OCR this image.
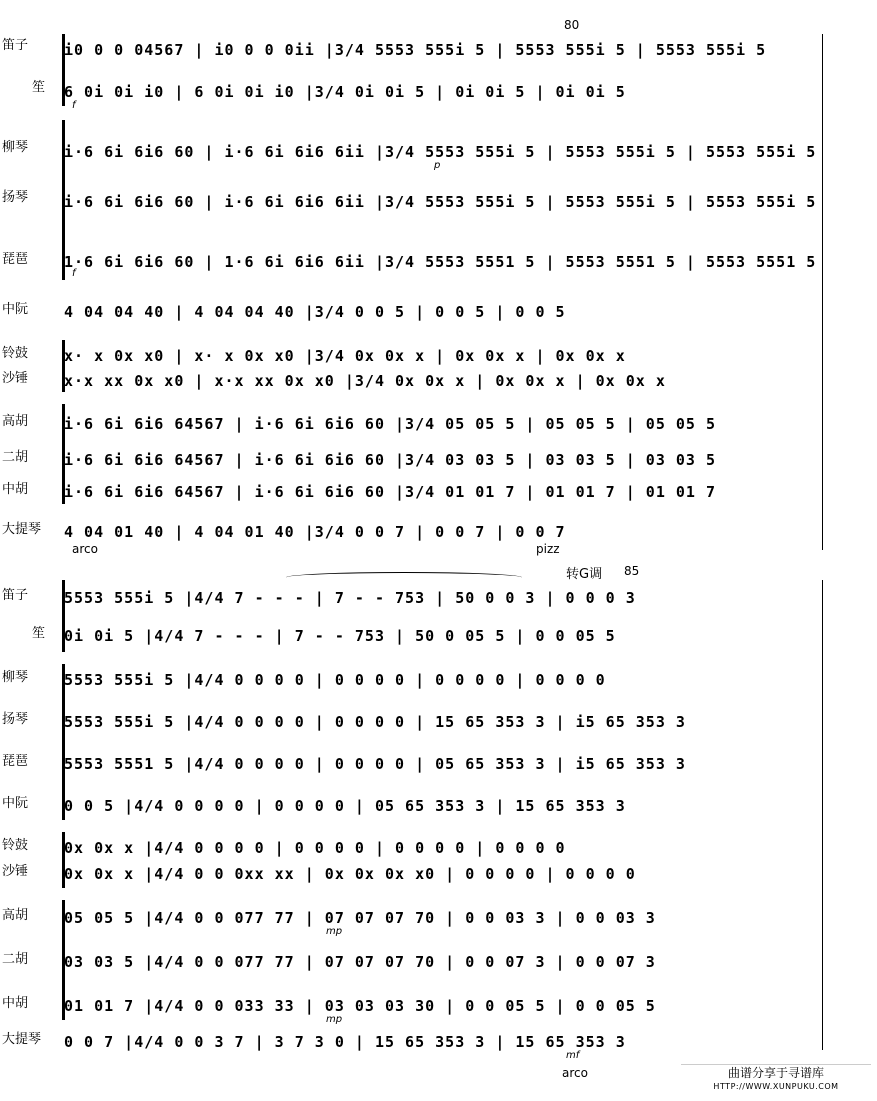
笛子
笙
柳琴
扬琴
琵琶
中阮
铃鼓
沙锤
高胡
二胡
中胡
大提琴
80
i0 0 0 04567 | i0 0 0 0ii |3/4 5553 555i 5 | 5553 555i 5 | 5553 555i 5
6 0i 0i i0 | 6 0i 0i i0 |3/4 0i 0i 5 | 0i 0i 5 | 0i 0i 5
i·6 6i 6i6 60 | i·6 6i 6i6 6ii |3/4 5553 555i 5 | 5553 555i 5 | 5553 555i 5
i·6 6i 6i6 60 | i·6 6i 6i6 6ii |3/4 5553 555i 5 | 5553 555i 5 | 5553 555i 5
1·6 6i 6i6 60 | 1·6 6i 6i6 6ii |3/4 5553 5551 5 | 5553 5551 5 | 5553 5551 5
4 04 04 40 | 4 04 04 40 |3/4 0 0 5 | 0 0 5 | 0 0 5
x· x 0x x0 | x· x 0x x0 |3/4 0x 0x x | 0x 0x x | 0x 0x x
x·x xx 0x x0 | x·x xx 0x x0 |3/4 0x 0x x | 0x 0x x | 0x 0x x
i·6 6i 6i6 64567 | i·6 6i 6i6 60 |3/4 05 05 5 | 05 05 5 | 05 05 5
i·6 6i 6i6 64567 | i·6 6i 6i6 60 |3/4 03 03 5 | 03 03 5 | 03 03 5
i·6 6i 6i6 64567 | i·6 6i 6i6 60 |3/4 01 01 7 | 01 01 7 | 01 01 7
4 04 01 40 | 4 04 01 40 |3/4 0 0 7 | 0 0 7 | 0 0 7
f
p
f
arco	pizz
笛子
笙
柳琴
扬琴
琵琶
中阮
铃鼓
沙锤
高胡
二胡
中胡
大提琴
转G调 85
5553 555i 5 |4/4 7 - - - | 7 - - 753 | 50 0 0 3 | 0 0 0 3
0i 0i 5 |4/4 7 - - - | 7 - - 753 | 50 0 05 5 | 0 0 05 5
5553 555i 5 |4/4 0 0 0 0 | 0 0 0 0 | 0 0 0 0 | 0 0 0 0
5553 555i 5 |4/4 0 0 0 0 | 0 0 0 0 | 15 65 353 3 | i5 65 353 3
5553 5551 5 |4/4 0 0 0 0 | 0 0 0 0 | 05 65 353 3 | i5 65 353 3
0 0 5 |4/4 0 0 0 0 | 0 0 0 0 | 05 65 353 3 | 15 65 353 3
0x 0x x |4/4 0 0 0 0 | 0 0 0 0 | 0 0 0 0 | 0 0 0 0
0x 0x x |4/4 0 0 0xx xx | 0x 0x 0x x0 | 0 0 0 0 | 0 0 0 0
05 05 5 |4/4 0 0 077 77 | 07 07 07 70 | 0 0 03 3 | 0 0 03 3
03 03 5 |4/4 0 0 077 77 | 07 07 07 70 | 0 0 07 3 | 0 0 07 3
01 01 7 |4/4 0 0 033 33 | 03 03 03 30 | 0 0 05 5 | 0 0 05 5
0 0 7 |4/4 0 0 3 7 | 3 7 3 0 | 15 65 353 3 | 15 65 353 3
mp
mp
mf
arco	曲谱分享于寻谱库
HTTP://WWW.XUNPUKU.COM
